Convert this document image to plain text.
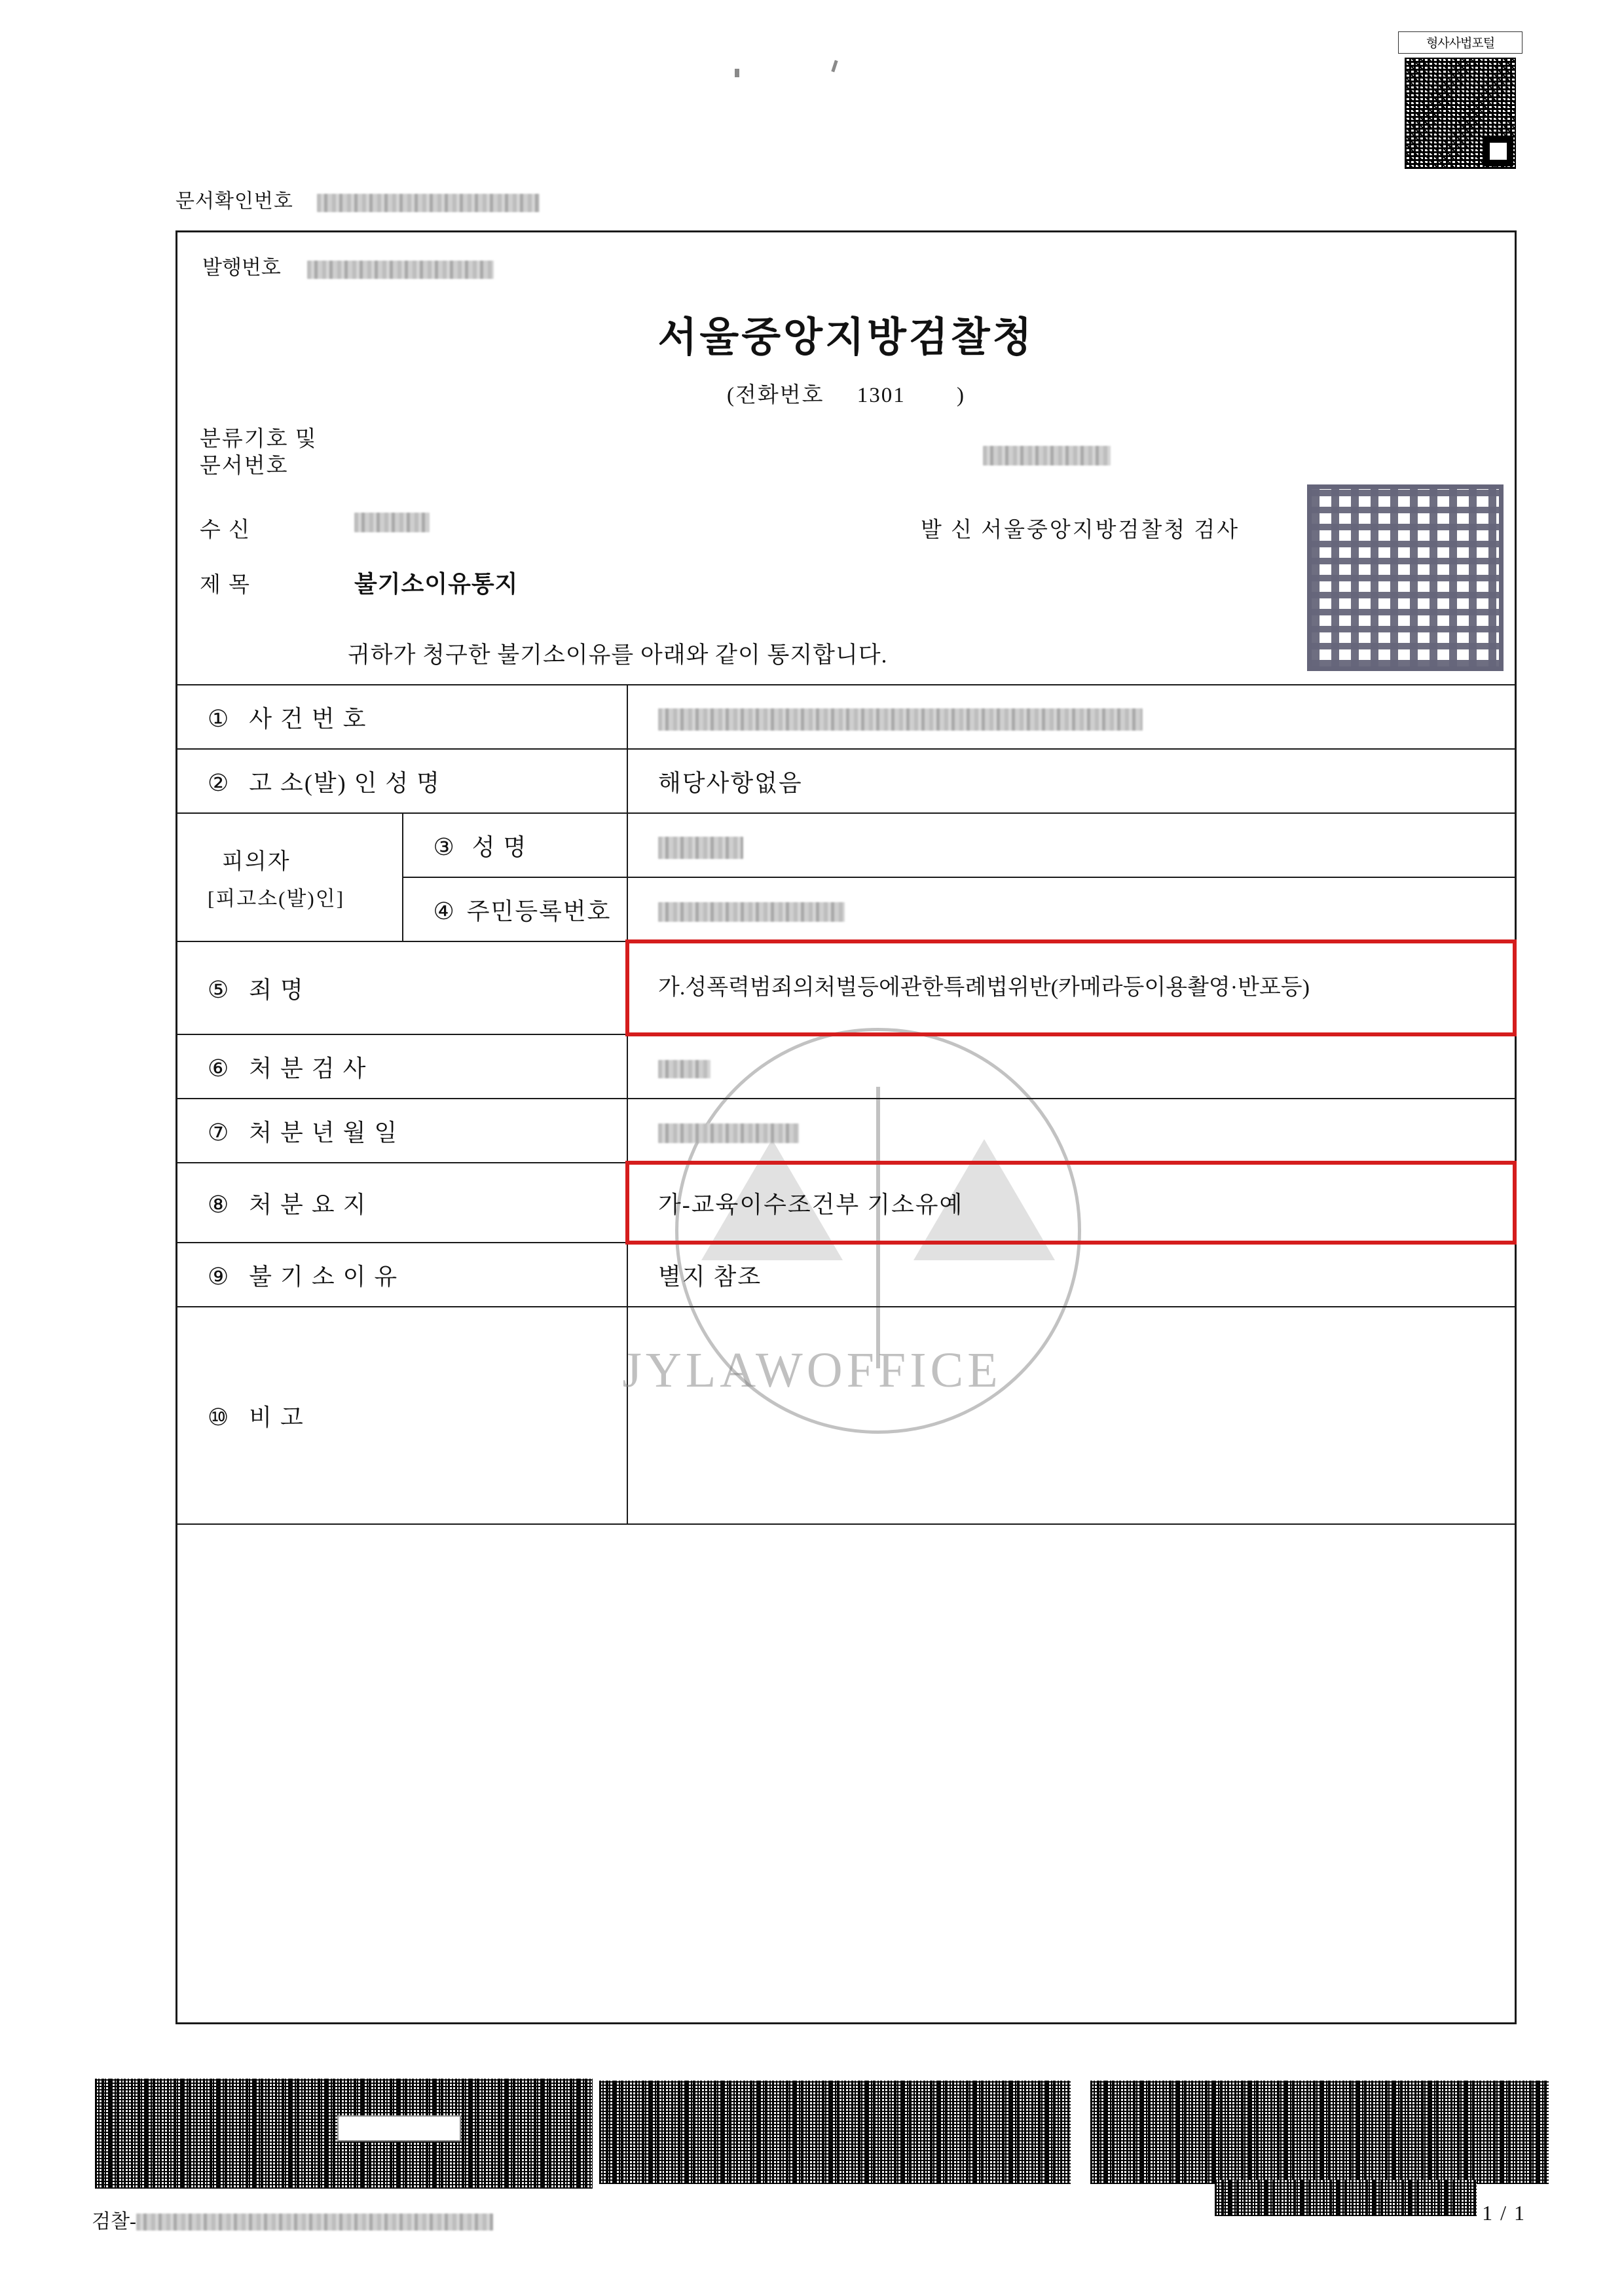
형사사법포털
문서확인번호
발행번호
서울중앙지방검찰청
(전화번호 1301 )
분류기호 및
문서번호
수 신	발 신 서울중앙지방검찰청 검사
제 목	불기소이유통지
귀하가 청구한 불기소이유를 아래와 같이 통지합니다.
① 사 건 번 호		
② 고 소(발) 인 성 명		해당사항없음

피의자
[피고소(발)인]	③ 성 명	
	④ 주민등록번호	
⑤ 죄 명		가.성폭력범죄의처벌등에관한특례법위반(카메라등이용촬영·반포등)
⑥ 처 분 검 사		
⑦ 처 분 년 월 일		
⑧ 처 분 요 지		가-교육이수조건부 기소유예
⑨ 불 기 소 이 유		별지 참조
⑩ 비 고		
JYLAWOFFICE
검찰-	1 / 1
